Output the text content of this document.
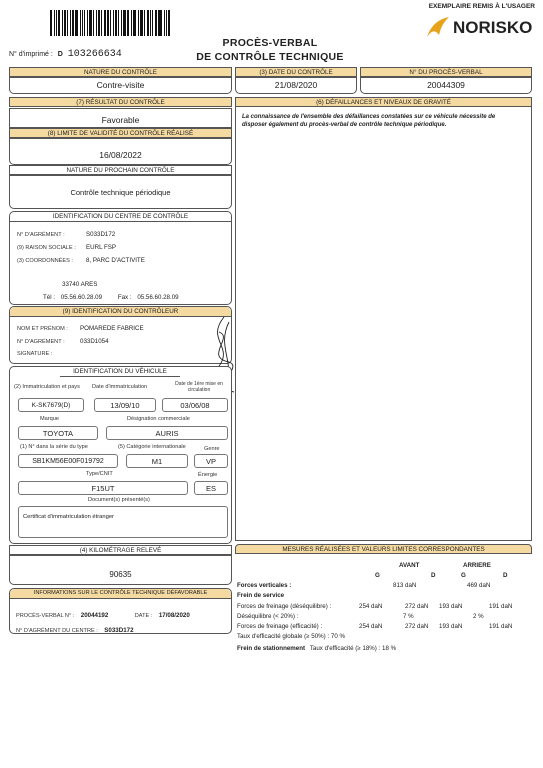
EXEMPLAIRE REMIS À L'USAGER
NORISKO
N° d'imprimé : D 103266634
PROCÈS-VERBAL
DE CONTRÔLE TECHNIQUE
NATURE DU CONTRÔLE
Contre-visite
(3) DATE DU CONTRÔLE
21/08/2020
N° DU PROCÈS-VERBAL
20044309
(7) RÉSULTAT DU CONTRÔLE
Favorable
(8) LIMITE DE VALIDITÉ DU CONTRÔLE RÉALISÉ
16/08/2022
NATURE DU PROCHAIN CONTRÔLE
Contrôle technique périodique
IDENTIFICATION DU CENTRE DE CONTRÔLE
N° D'AGRÉMENT :	S033D172
(9) RAISON SOCIALE : EURL FSP
(3) COORDONNÉES : 8, PARC D'ACTIVITE
33740 ARES
Tél : 05.56.60.28.09	Fax : 05.56.60.28.09
(9) IDENTIFICATION DU CONTRÔLEUR
NOM ET PRÉNOM : POMAREDE FABRICE
N° D'AGRÉMENT : 033D1054
SIGNATURE :
IDENTIFICATION DU VÉHICULE
(2) Immatriculation et pays Date d'immatriculation	Date de 1ère mise en circulation
K-SK7679(D)	13/09/10	03/06/08
Marque	Désignation commerciale
TOYOTA	AURIS
(1) N° dans la série du type	(5) Catégorie internationale	Genre
SB1KM56E00F019792	M1	VP
Type/CNIT	Énergie
F15UT	ES
Document(s) présenté(s)
Certificat d'immatriculation étranger
(4) KILOMÉTRAGE RELEVÉ
90635
INFORMATIONS SUR LE CONTRÔLE TECHNIQUE DÉFAVORABLE
PROCÈS-VERBAL N° : 20044192	DATE : 17/08/2020
N° D'AGRÉMENT DU CENTRE : S033D172
(6) DÉFAILLANCES ET NIVEAUX DE GRAVITÉ
La connaissance de l'ensemble des défaillances constatées sur ce véhicule nécessite de disposer également du procès-verbal de contrôle technique périodique.
MESURES RÉALISÉES ET VALEURS LIMITES CORRESPONDANTES
AVANT	ARRIERE
G	D	G	D
Forces verticales :	813 daN	469 daN
Frein de service
Forces de freinage (déséquilibre) :	254 daN	272 daN 193 daN	191 daN
Déséquilibre (< 20%) :	7 %	2 %
Forces de freinage (efficacité) :	254 daN	272 daN 193 daN	191 daN
Taux d'efficacité globale (≥ 50%) : 70 %
Frein de stationnement Taux d'efficacité (≥ 18%) : 18 %
